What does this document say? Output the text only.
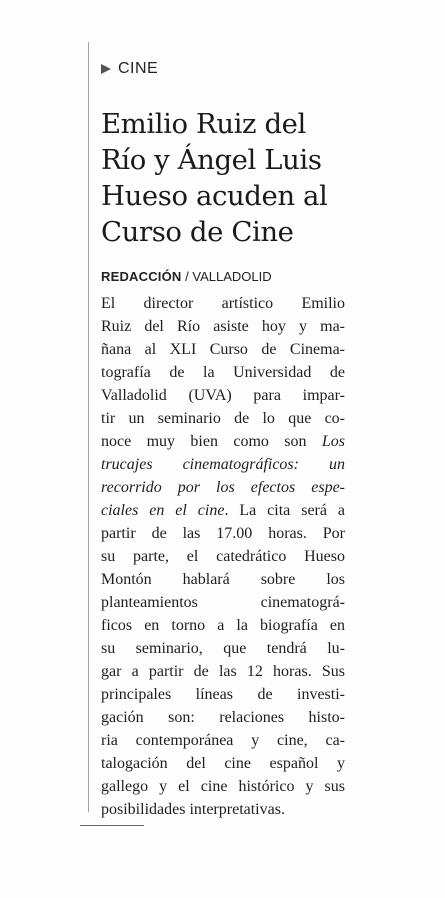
CINE
Emilio Ruiz del
Río y Ángel Luis
Hueso acuden al
Curso de Cine
REDACCIÓN / VALLADOLID
El director artístico Emilio
Ruiz del Río asiste hoy y ma-
ñana al XLI Curso de Cinema-
tografía de la Universidad de
Valladolid (UVA) para impar-
tir un seminario de lo que co-
noce muy bien como son Los
trucajes cinematográficos: un
recorrido por los efectos espe-
ciales en el cine. La cita será a
partir de las 17.00 horas. Por
su parte, el catedrático Hueso
Montón hablará sobre los
planteamientos cinematográ-
ficos en torno a la biografía en
su seminario, que tendrá lu-
gar a partir de las 12 horas. Sus
principales líneas de investi-
gación son: relaciones histo-
ria contemporánea y cine, ca-
talogación del cine español y
gallego y el cine histórico y sus
posibilidades interpretativas.
